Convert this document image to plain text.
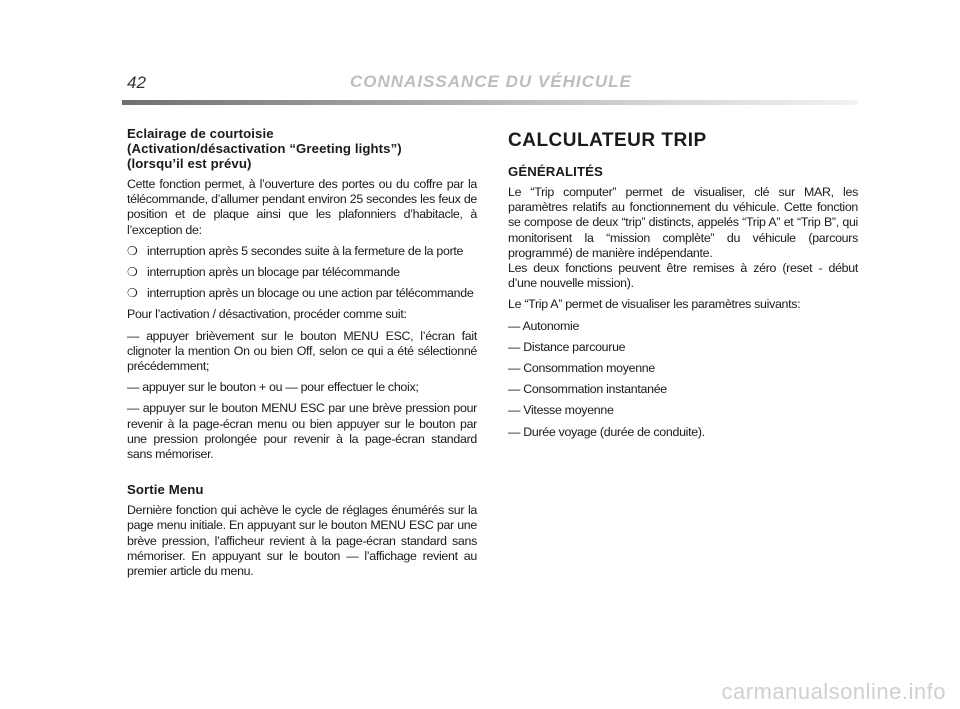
42	CONNAISSANCE DU VÉHICULE
Eclairage de courtoisie
(Activation/désactivation “Greeting lights”)
(lorsqu’il est prévu)

Cette fonction permet, à l’ouverture des portes ou du coffre par la télécommande, d’allumer pendant environ 25 secondes les feux de position et de plaque ainsi que les plafonniers d’habitacle, à l’exception de:

❍ interruption après 5 secondes suite à la fermeture de la porte
❍ interruption après un blocage par télécommande
❍ interruption après un blocage ou une action par télécommande

Pour l’activation / désactivation, procéder comme suit:

— appuyer brièvement sur le bouton MENU ESC, l’écran fait clignoter la mention On ou bien Off, selon ce qui a été sélectionné précédemment;

— appuyer sur le bouton + ou — pour effectuer le choix;

— appuyer sur le bouton MENU ESC par une brève pression pour revenir à la page-écran menu ou bien appuyer sur le bouton par une pression prolongée pour revenir à la page-écran standard sans mémoriser.

Sortie Menu

Dernière fonction qui achève le cycle de réglages énumérés sur la page menu initiale. En appuyant sur le bouton MENU ESC par une brève pression, l’afficheur revient à la page-écran standard sans mémoriser. En appuyant sur le bouton — l’affichage revient au premier article du menu.

CALCULATEUR TRIP
GÉNÉRALITÉS

Le “Trip computer” permet de visualiser, clé sur MAR, les paramètres relatifs au fonctionnement du véhicule. Cette fonction se compose de deux “trip” distincts, appelés “Trip A” et “Trip B”, qui monitorisent la “mission complète” du véhicule (parcours programmé) de manière indépendante.

Les deux fonctions peuvent être remises à zéro (reset - début d’une nouvelle mission).

Le “Trip A” permet de visualiser les paramètres suivants:

— Autonomie
— Distance parcourue
— Consommation moyenne
— Consommation instantanée
— Vitesse moyenne
— Durée voyage (durée de conduite).
carmanualsonline.info
